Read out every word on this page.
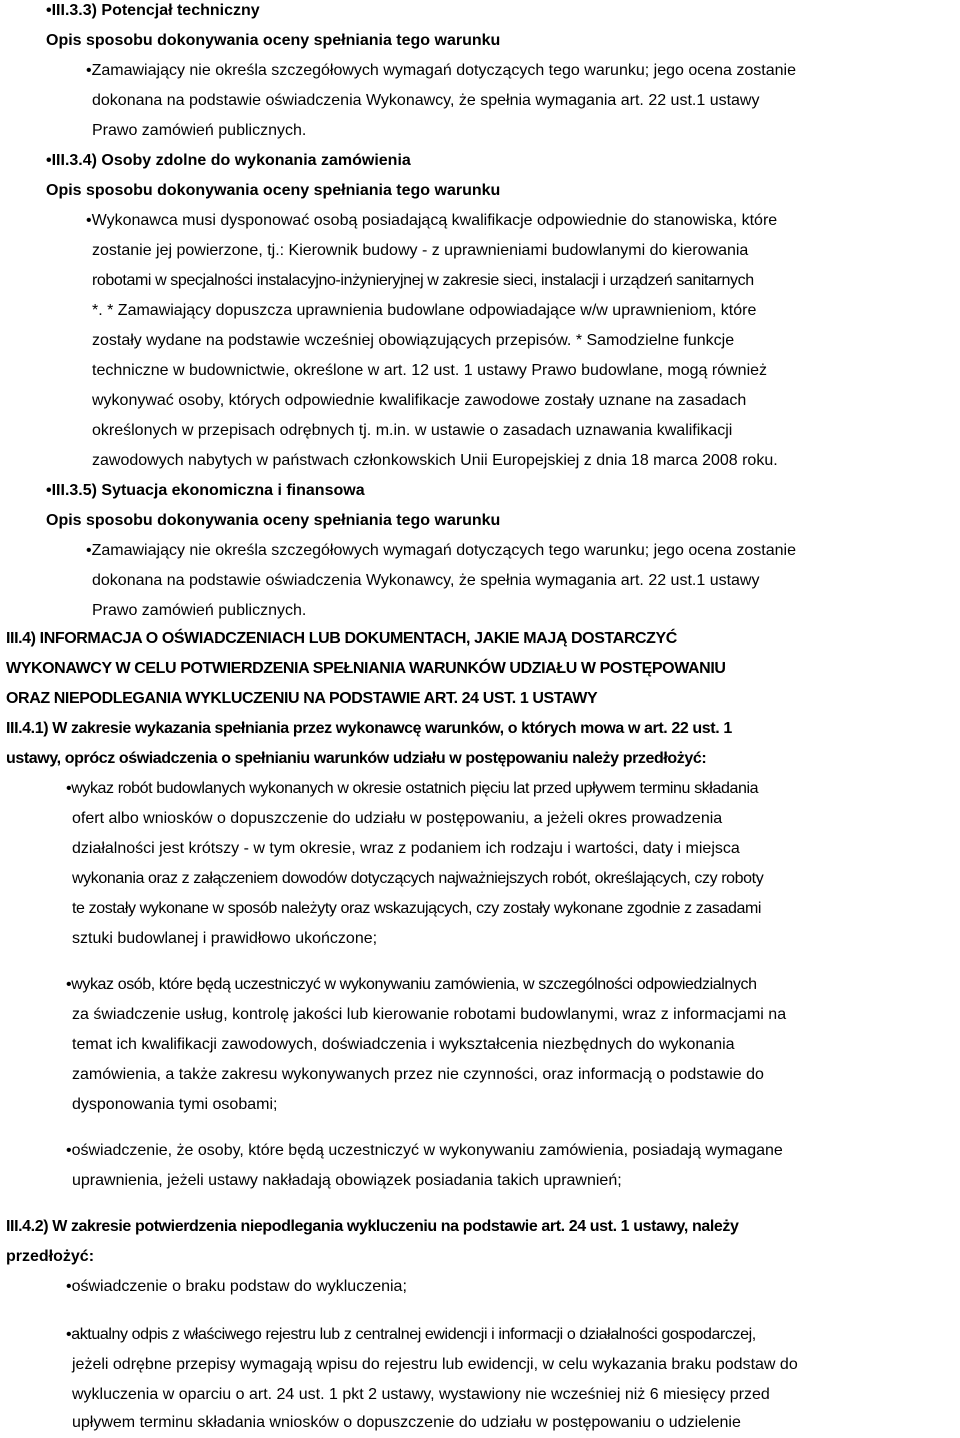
•III.3.3) Potencjał techniczny
Opis sposobu dokonywania oceny spełniania tego warunku
•Zamawiający nie określa szczegółowych wymagań dotyczących tego warunku; jego ocena zostanie
dokonana na podstawie oświadczenia Wykonawcy, że spełnia wymagania art. 22 ust.1 ustawy
Prawo zamówień publicznych.
•III.3.4) Osoby zdolne do wykonania zamówienia
Opis sposobu dokonywania oceny spełniania tego warunku
•Wykonawca musi dysponować osobą posiadającą kwalifikacje odpowiednie do stanowiska, które
zostanie jej powierzone, tj.: Kierownik budowy - z uprawnieniami budowlanymi do kierowania
robotami w specjalności instalacyjno-inżynieryjnej w zakresie sieci, instalacji i urządzeń sanitarnych
*. * Zamawiający dopuszcza uprawnienia budowlane odpowiadające w/w uprawnieniom, które
zostały wydane na podstawie wcześniej obowiązujących przepisów. * Samodzielne funkcje
techniczne w budownictwie, określone w art. 12 ust. 1 ustawy Prawo budowlane, mogą również
wykonywać osoby, których odpowiednie kwalifikacje zawodowe zostały uznane na zasadach
określonych w przepisach odrębnych tj. m.in. w ustawie o zasadach uznawania kwalifikacji
zawodowych nabytych w państwach członkowskich Unii Europejskiej z dnia 18 marca 2008 roku.
•III.3.5) Sytuacja ekonomiczna i finansowa
Opis sposobu dokonywania oceny spełniania tego warunku
•Zamawiający nie określa szczegółowych wymagań dotyczących tego warunku; jego ocena zostanie
dokonana na podstawie oświadczenia Wykonawcy, że spełnia wymagania art. 22 ust.1 ustawy
Prawo zamówień publicznych.
III.4) INFORMACJA O OŚWIADCZENIACH LUB DOKUMENTACH, JAKIE MAJĄ DOSTARCZYĆ
WYKONAWCY W CELU POTWIERDZENIA SPEŁNIANIA WARUNKÓW UDZIAŁU W POSTĘPOWANIU
ORAZ NIEPODLEGANIA WYKLUCZENIU NA PODSTAWIE ART. 24 UST. 1 USTAWY
III.4.1) W zakresie wykazania spełniania przez wykonawcę warunków, o których mowa w art. 22 ust. 1
ustawy, oprócz oświadczenia o spełnianiu warunków udziału w postępowaniu należy przedłożyć:
•wykaz robót budowlanych wykonanych w okresie ostatnich pięciu lat przed upływem terminu składania
ofert albo wniosków o dopuszczenie do udziału w postępowaniu, a jeżeli okres prowadzenia
działalności jest krótszy - w tym okresie, wraz z podaniem ich rodzaju i wartości, daty i miejsca
wykonania oraz z załączeniem dowodów dotyczących najważniejszych robót, określających, czy roboty
te zostały wykonane w sposób należyty oraz wskazujących, czy zostały wykonane zgodnie z zasadami
sztuki budowlanej i prawidłowo ukończone;
•wykaz osób, które będą uczestniczyć w wykonywaniu zamówienia, w szczególności odpowiedzialnych
za świadczenie usług, kontrolę jakości lub kierowanie robotami budowlanymi, wraz z informacjami na
temat ich kwalifikacji zawodowych, doświadczenia i wykształcenia niezbędnych do wykonania
zamówienia, a także zakresu wykonywanych przez nie czynności, oraz informacją o podstawie do
dysponowania tymi osobami;
•oświadczenie, że osoby, które będą uczestniczyć w wykonywaniu zamówienia, posiadają wymagane
uprawnienia, jeżeli ustawy nakładają obowiązek posiadania takich uprawnień;
III.4.2) W zakresie potwierdzenia niepodlegania wykluczeniu na podstawie art. 24 ust. 1 ustawy, należy
przedłożyć:
•oświadczenie o braku podstaw do wykluczenia;
•aktualny odpis z właściwego rejestru lub z centralnej ewidencji i informacji o działalności gospodarczej,
jeżeli odrębne przepisy wymagają wpisu do rejestru lub ewidencji, w celu wykazania braku podstaw do
wykluczenia w oparciu o art. 24 ust. 1 pkt 2 ustawy, wystawiony nie wcześniej niż 6 miesięcy przed
upływem terminu składania wniosków o dopuszczenie do udziału w postępowaniu o udzielenie
